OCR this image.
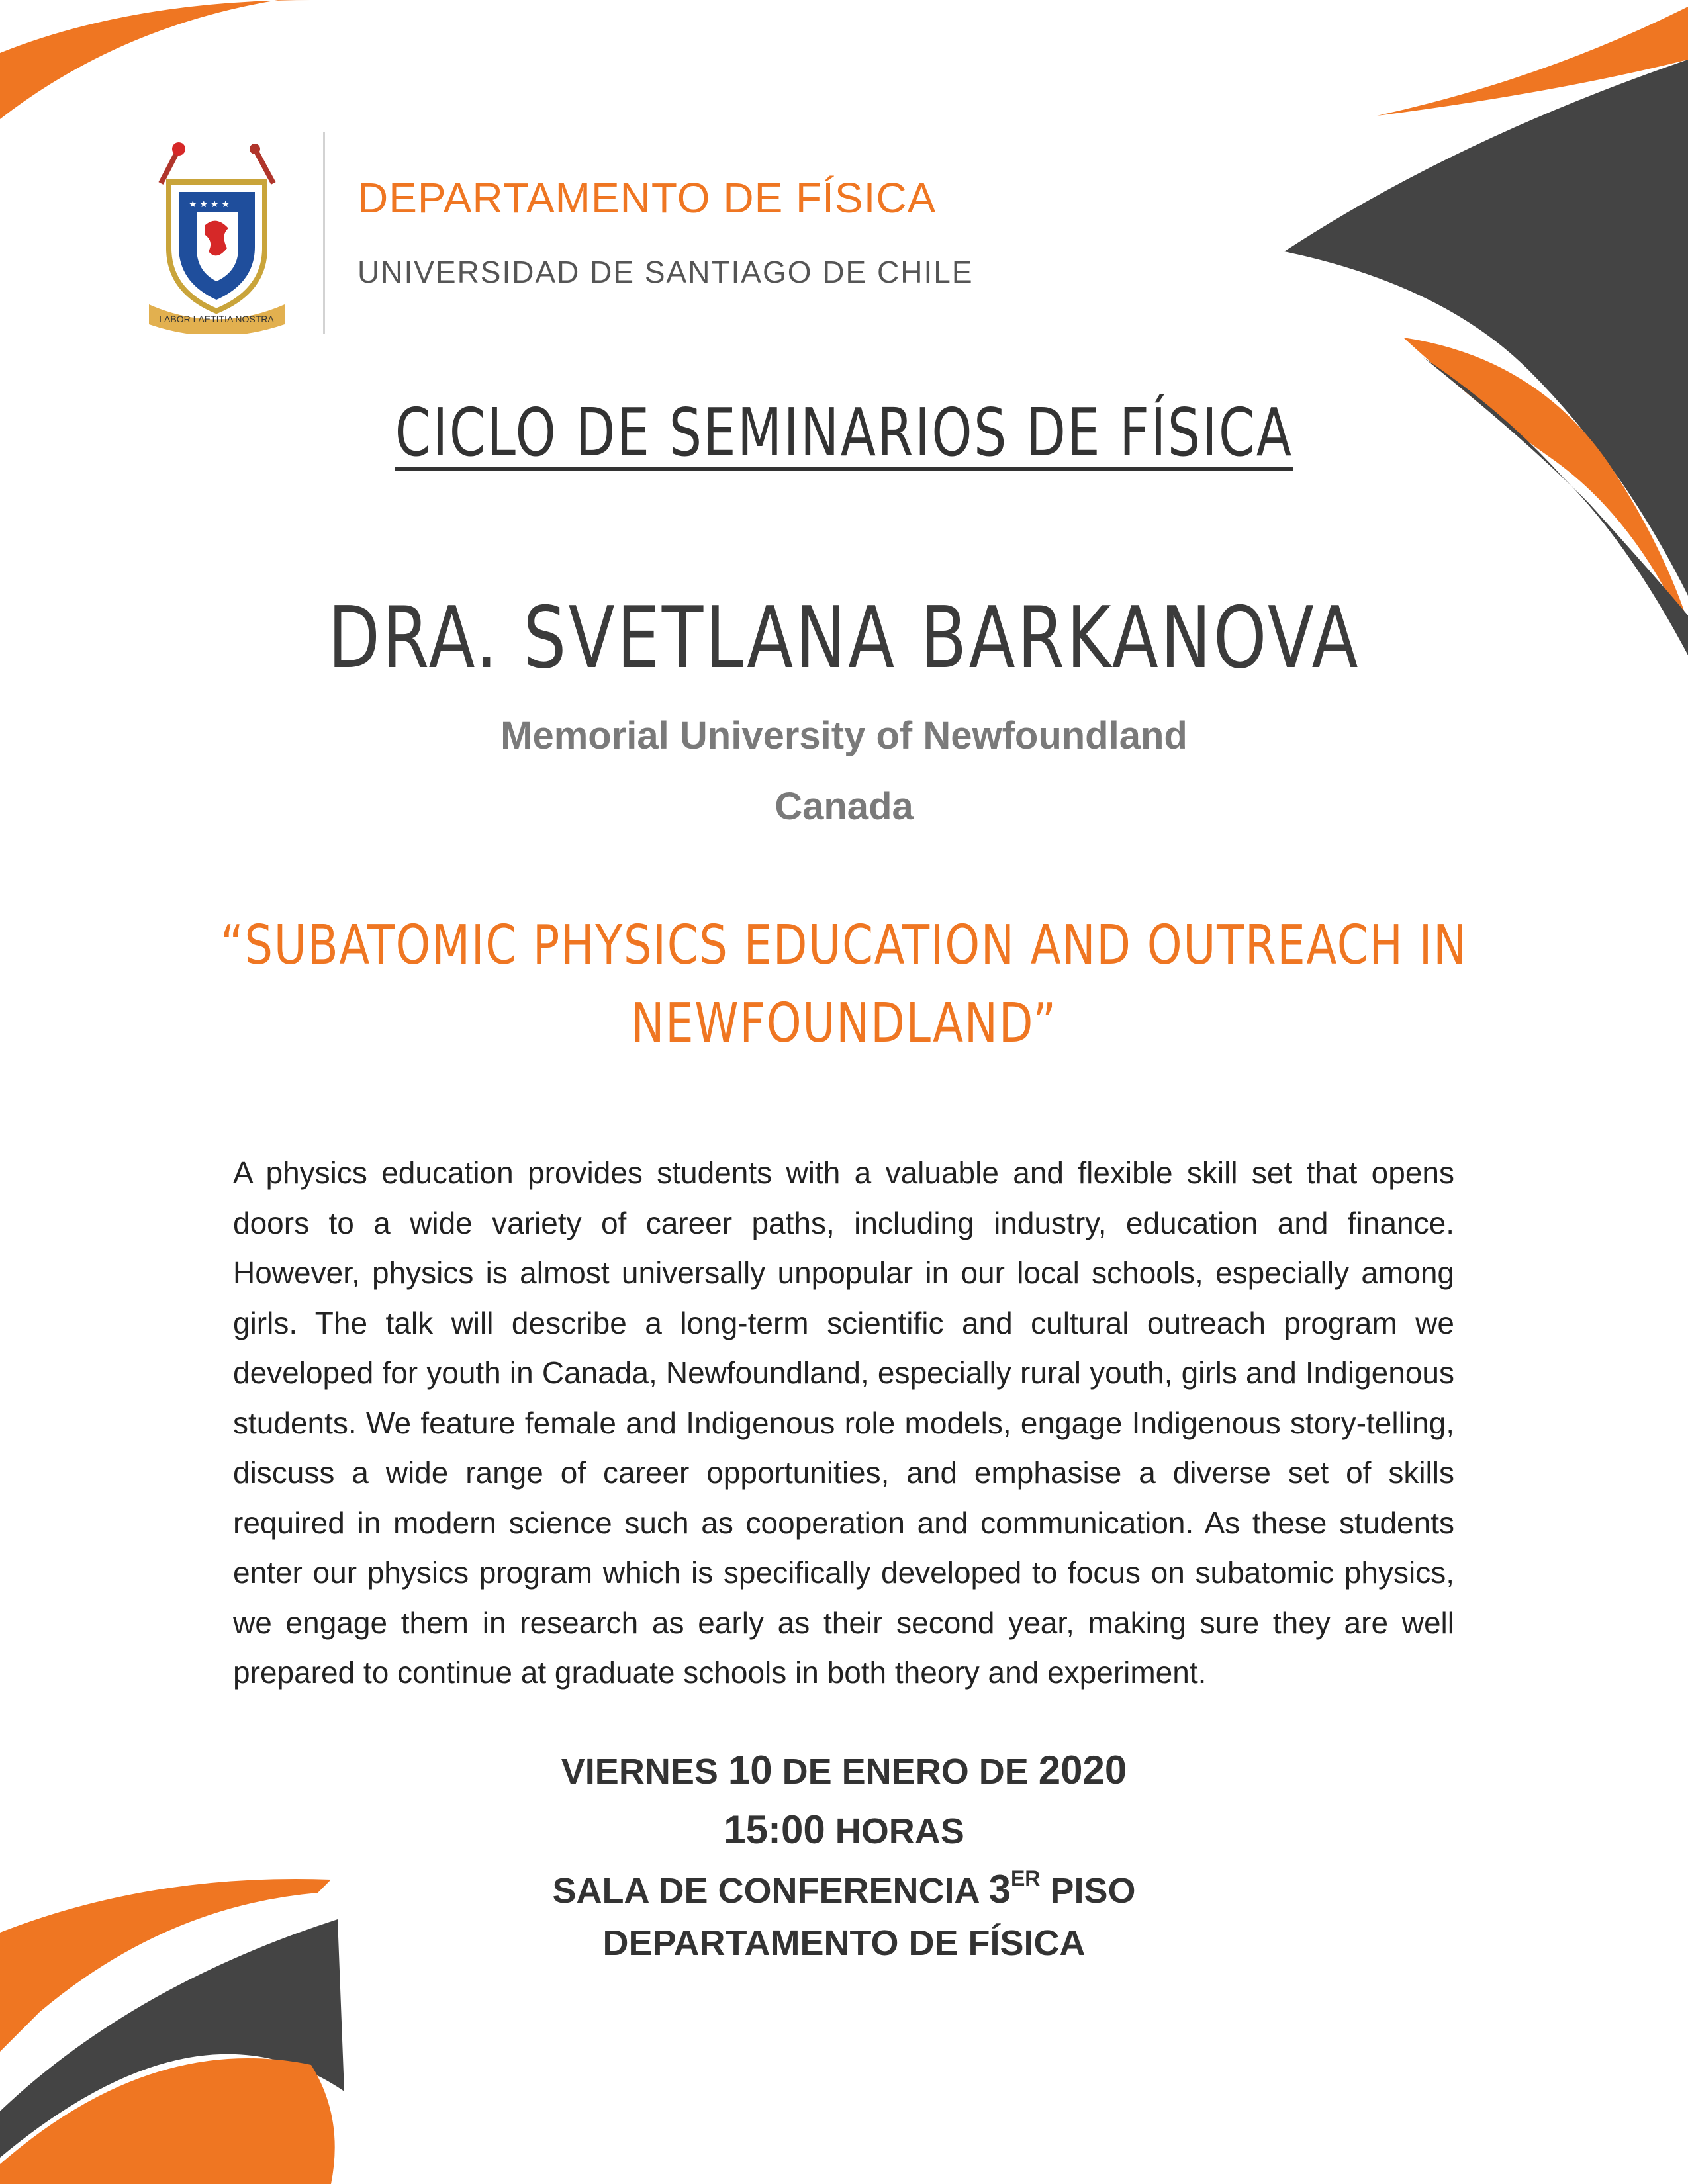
★ ★ ★ ★
LABOR LAETITIA NOSTRA
DEPARTAMENTO DE FÍSICA
UNIVERSIDAD DE SANTIAGO DE CHILE
CICLO DE SEMINARIOS DE FÍSICA
DRA. SVETLANA BARKANOVA
Memorial University of Newfoundland
Canada
“SUBATOMIC PHYSICS EDUCATION AND OUTREACH IN
NEWFOUNDLAND”
A physics education provides students with a valuable and flexible skill set that opens doors to a wide variety of career paths, including industry, education and finance. However, physics is almost universally unpopular in our local schools, especially among girls. The talk will describe a long-term scientific and cultural outreach program we developed for youth in Canada, Newfoundland, especially rural youth, girls and Indigenous students. We feature female and Indigenous role models, engage Indigenous story-telling, discuss a wide range of career opportunities, and emphasise a diverse set of skills required in modern science such as cooperation and communication. As these students enter our physics program which is specifically developed to focus on subatomic physics, we engage them in research as early as their second year, making sure they are well prepared to continue at graduate schools in both theory and experiment.
VIERNES 10 DE ENERO DE 2020
15:00 HORAS
SALA DE CONFERENCIA 3ER PISO
DEPARTAMENTO DE FÍSICA
